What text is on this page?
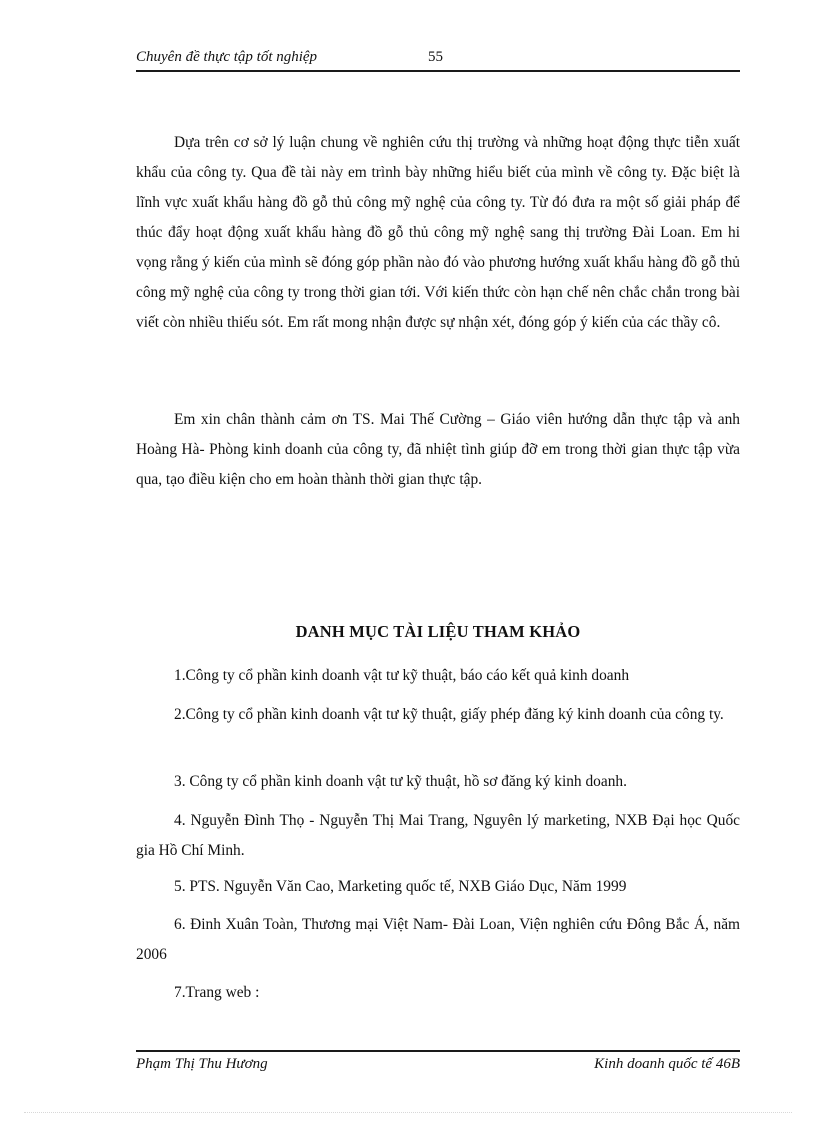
Chuyên đề thực tập tốt nghiệp	55

Dựa trên cơ sở lý luận chung về nghiên cứu thị trường và những hoạt động thực tiễn xuất khẩu của công ty. Qua đề tài này em trình bày những hiểu biết của mình về công ty. Đặc biệt là lĩnh vực xuất khẩu hàng đồ gỗ thủ công mỹ nghệ của công ty. Từ đó đưa ra một số giải pháp để thúc đẩy hoạt động xuất khẩu hàng đồ gỗ thủ công mỹ nghệ sang thị trường Đài Loan. Em hi vọng rằng ý kiến của mình sẽ đóng góp phần nào đó vào phương hướng xuất khẩu hàng đồ gỗ thủ công mỹ nghệ của công ty trong thời gian tới. Với kiến thức còn hạn chế nên chắc chắn trong bài viết còn nhiều thiếu sót. Em rất mong nhận được sự nhận xét, đóng góp ý kiến của các thầy cô.

Em xin chân thành cảm ơn TS. Mai Thế Cường – Giáo viên hướng dẫn thực tập và anh Hoàng Hà- Phòng kinh doanh của công ty, đã nhiệt tình giúp đỡ em trong thời gian thực tập vừa qua, tạo điều kiện cho em hoàn thành thời gian thực tập.

DANH MỤC TÀI LIỆU THAM KHẢO

1.Công ty cổ phần kinh doanh vật tư kỹ thuật, báo cáo kết quả kinh doanh

2.Công ty cổ phần kinh doanh vật tư kỹ thuật, giấy phép đăng ký kinh doanh của công ty.

3. Công ty cổ phần kinh doanh vật tư kỹ thuật, hồ sơ đăng ký kinh doanh.

4. Nguyễn Đình Thọ - Nguyễn Thị Mai Trang, Nguyên lý marketing, NXB Đại học Quốc gia Hồ Chí Minh.

5. PTS. Nguyễn Văn Cao, Marketing quốc tế, NXB Giáo Dục, Năm 1999

6. Đinh Xuân Toàn, Thương mại Việt Nam- Đài Loan, Viện nghiên cứu Đông Bắc Á, năm 2006

7.Trang web :

Phạm Thị Thu Hương	Kinh doanh quốc tế 46B
